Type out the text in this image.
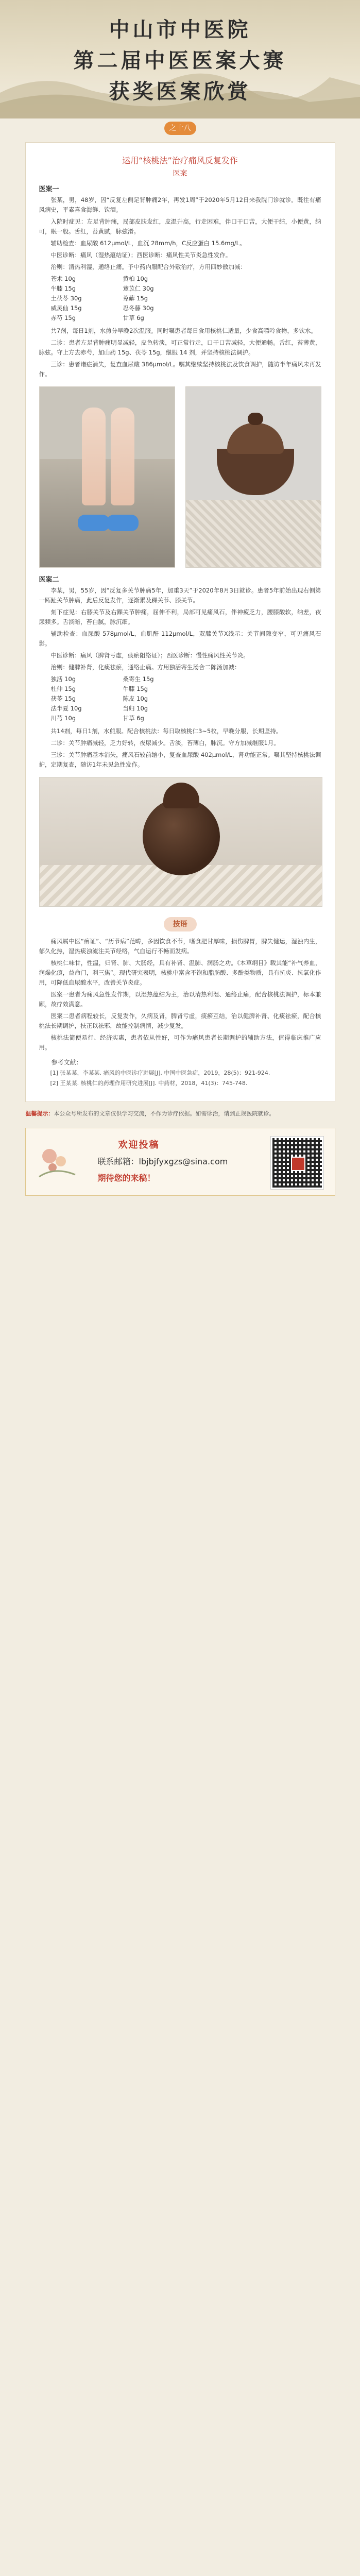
中山市中医院
第二届中医医案大赛
获奖医案欣赏
之十八
运用“核桃法”治疗痛风反复发作
医案
医案一

张某，男，48岁，因“反复左侧足背肿痛2年，再发1周”于2020年5月12日来我院门诊就诊。既往有痛风病史，平素喜食海鲜、饮酒。

入院时症见：左足背肿痛，局部皮肤发红，皮温升高，行走困难，伴口干口苦，大便干结，小便黄，纳可，眠一般。舌红，苔黄腻，脉弦滑。

辅助检查：血尿酸 612μmol/L，血沉 28mm/h，C反应蛋白 15.6mg/L。

中医诊断：痛风（湿热蕴结证）；西医诊断：痛风性关节炎急性发作。

治则：清热利湿，通络止痛。予中药内服配合外敷治疗，方用四妙散加减：

苍术 10g	黄柏 10g
牛膝 15g	薏苡仁 30g
土茯苓 30g	萆薢 15g
威灵仙 15g	忍冬藤 30g
赤芍 15g	甘草 6g

共7剂，每日1剂，水煎分早晚2次温服。同时嘱患者每日食用核桃仁适量，少食高嘌呤食物，多饮水。

二诊：患者左足背肿痛明显减轻，皮色转淡，可正常行走，口干口苦减轻，大便通畅。舌红，苔薄黄，脉弦。守上方去赤芍，加山药 15g、茯苓 15g，继服 14 剂，并坚持核桃法调护。

三诊：患者诸症消失，复查血尿酸 386μmol/L。嘱其继续坚持核桃法及饮食调护，随访半年痛风未再发作。

医案二

李某，男，55岁，因“反复多关节肿痛5年，加重3天”于2020年8月3日就诊。患者5年前始出现右侧第一跖趾关节肿痛，此后反复发作，逐渐累及踝关节、膝关节。

刻下症见：右膝关节及右踝关节肿痛，屈伸不利，局部可见痛风石，伴神疲乏力，腰膝酸软，纳差，夜尿频多。舌淡暗，苔白腻，脉沉细。

辅助检查：血尿酸 578μmol/L，血肌酐 112μmol/L，双膝关节X线示：关节间隙变窄，可见痛风石影。

中医诊断：痛风（脾肾亏虚，痰瘀阻络证）；西医诊断：慢性痛风性关节炎。

治则：健脾补肾，化痰祛瘀，通络止痛。方用独活寄生汤合二陈汤加减：

独活 10g	桑寄生 15g
杜仲 15g	牛膝 15g
茯苓 15g	陈皮 10g
法半夏 10g	当归 10g
川芎 10g	甘草 6g

共14剂，每日1剂，水煎服。配合核桃法：每日取核桃仁3~5枚，早晚分服，长期坚持。

二诊：关节肿痛减轻，乏力好转，夜尿减少。舌淡，苔薄白，脉沉。守方加减继服1月。

三诊：关节肿痛基本消失，痛风石较前缩小，复查血尿酸 402μmol/L，肾功能正常。嘱其坚持核桃法调护，定期复查，随访1年未见急性发作。

按语

痛风属中医“痹证”、“历节病”范畴，多因饮食不节，嗜食肥甘厚味，损伤脾胃，脾失健运，湿浊内生，郁久化热，湿热痰浊流注关节经络，气血运行不畅而发病。

核桃仁味甘，性温，归肾、肺、大肠经，具有补肾、温肺、润肠之功。《本草纲目》载其能“补气养血，润燥化痰，益命门，利三焦”。现代研究表明，核桃中富含不饱和脂肪酸、多酚类物质，具有抗炎、抗氧化作用，可降低血尿酸水平，改善关节炎症。

医案一患者为痛风急性发作期，以湿热蕴结为主，治以清热利湿、通络止痛，配合核桃法调护，标本兼顾，故疗效满意。

医案二患者病程较长，反复发作，久病及肾，脾肾亏虚，痰瘀互结，治以健脾补肾、化痰祛瘀，配合核桃法长期调护，扶正以祛邪，故能控制病情，减少复发。

核桃法简便易行、经济实惠，患者依从性好，可作为痛风患者长期调护的辅助方法，值得临床推广应用。

参考文献：
[1] 张某某，李某某. 痛风的中医诊疗进展[J]. 中国中医急症，2019，28(5)：921-924.
[2] 王某某. 核桃仁的药理作用研究进展[J]. 中药材，2018，41(3)：745-748.
温馨提示：本公众号所发布的文章仅供学习交流，不作为诊疗依据。如需诊治，请到正规医院就诊。
欢迎投稿
联系邮箱：lbjbjfyxgzs@sina.com
期待您的来稿！
